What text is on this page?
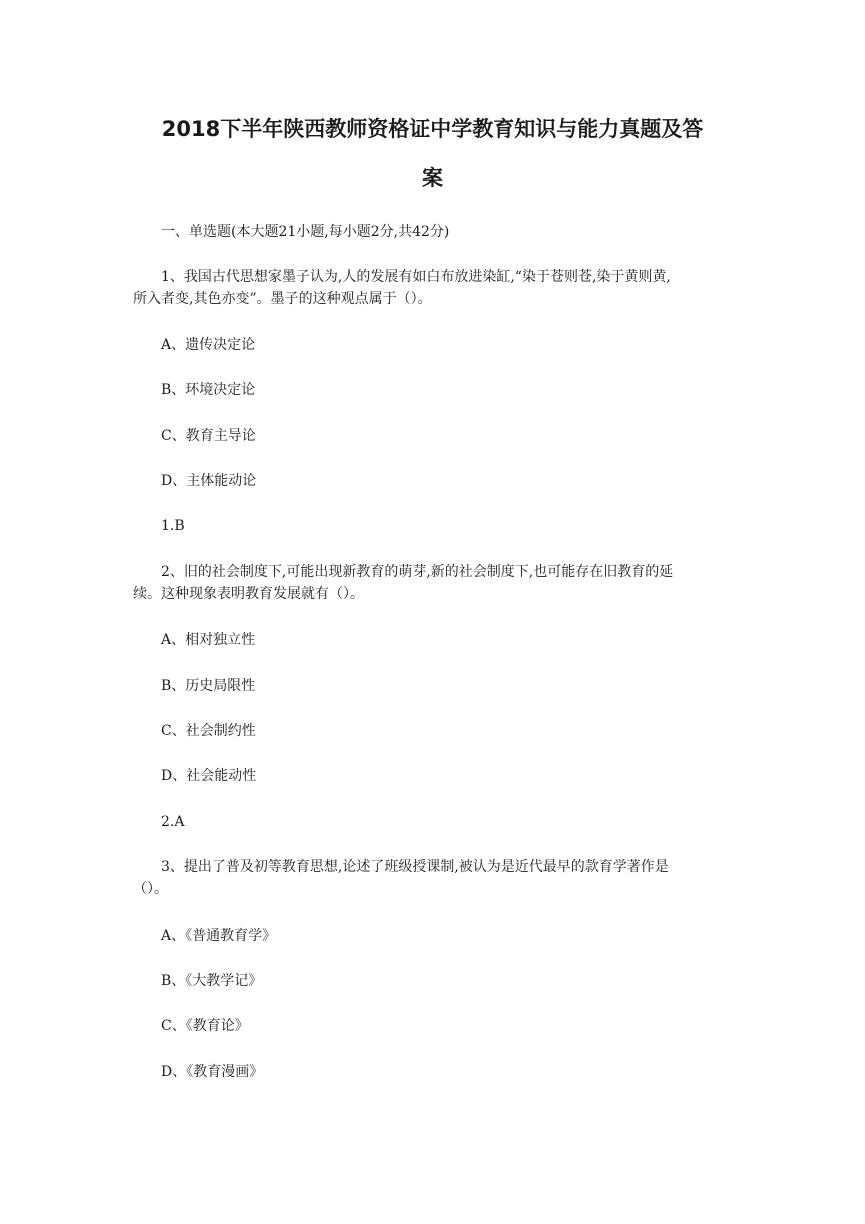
2018下半年陕西教师资格证中学教育知识与能力真题及答
案
一、单选题(本大题21小题,每小题2分,共42分)
1、我国古代思想家墨子认为,人的发展有如白布放进染缸,“染于苍则苍,染于黄则黄,
所入者变,其色亦变”。墨子的这种观点属于（）。
A、遗传决定论
B、环境决定论
C、教育主导论
D、主体能动论
1.B
2、旧的社会制度下,可能出现新教育的萌芽,新的社会制度下,也可能存在旧教育的延
续。这种现象表明教育发展就有（）。
A、相对独立性
B、历史局限性
C、社会制约性
D、社会能动性
2.A
3、提出了普及初等教育思想,论述了班级授课制,被认为是近代最早的款育学著作是
（）。
A、《普通教育学》
B、《大教学记》
C、《教育论》
D、《教育漫画》
